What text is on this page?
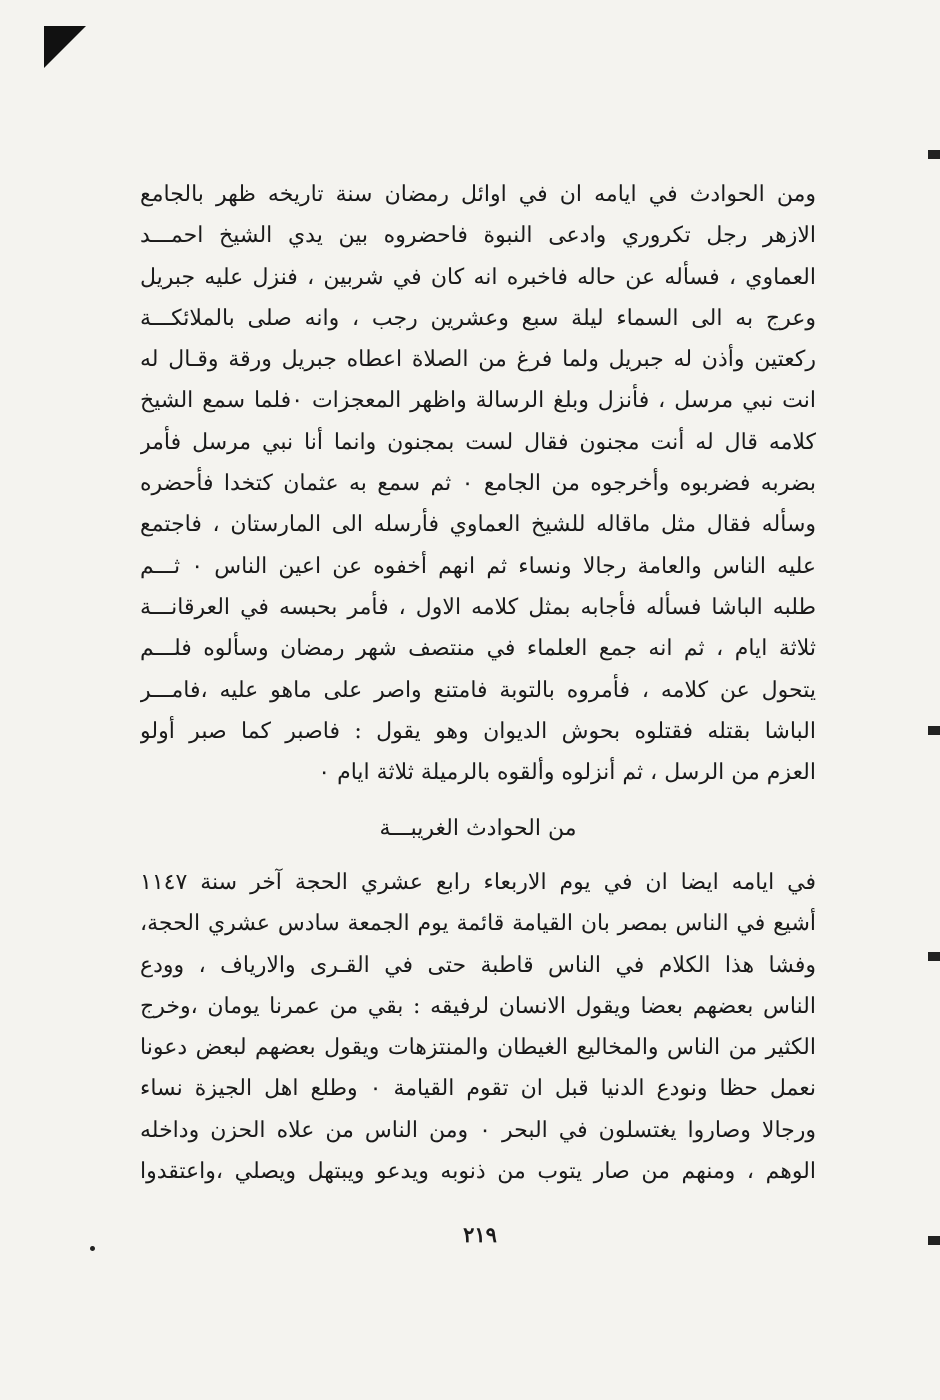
ومن الحوادث في ايامه ان في اوائل رمضان سنة تاريخه ظهر بالجامع
الازهر رجل تكروري وادعى النبوة فاحضروه بين يدي الشيخ احمـــد
العماوي ، فسأله عن حاله فاخبره انه كان في شربين ، فنزل عليه جبريل
وعرج به الى السماء ليلة سبع وعشرين رجب ، وانه صلى بالملائكـــة
ركعتين وأذن له جبريل ولما فرغ من الصلاة اعطاه جبريل ورقة وقـال له
انت نبي مرسل ، فأنزل وبلغ الرسالة واظهر المعجزات ٠فلما سمع الشيخ
كلامه قال له أنت مجنون فقال لست بمجنون وانما أنا نبي مرسل فأمر
بضربه فضربوه وأخرجوه من الجامع ٠ ثم سمع به عثمان كتخدا فأحضره
وسأله فقال مثل ماقاله للشيخ العماوي فأرسله الى المارستان ، فاجتمع
عليه الناس والعامة رجالا ونساء ثم انهم أخفوه عن اعين الناس ٠ ثـــم
طلبه الباشا فسأله فأجابه بمثل كلامه الاول ، فأمر بحبسه في العرقانـــة
ثلاثة ايام ، ثم انه جمع العلماء في منتصف شهر رمضان وسألوه فلـــم
يتحول عن كلامه ، فأمروه بالتوبة فامتنع واصر على ماهو عليه ،فامـــر
الباشا بقتله فقتلوه بحوش الديوان وهو يقول : فاصبر كما صبر أولو
العزم من الرسل ، ثم أنزلوه وألقوه بالرميلة ثلاثة ايام ٠
من الحوادث الغريبـــة
في ايامه ايضا ان في يوم الاربعاء رابع عشري الحجة آخر سنة ١١٤٧
أشيع في الناس بمصر بان القيامة قائمة يوم الجمعة سادس عشري الحجة،
وفشا هذا الكلام في الناس قاطبة حتى في القـرى والارياف ، وودع
الناس بعضهم بعضا ويقول الانسان لرفيقه : بقي من عمرنا يومان ،وخرج
الكثير من الناس والمخاليع الغيطان والمنتزهات ويقول بعضهم لبعض دعونا
نعمل حظا ونودع الدنيا قبل ان تقوم القيامة ٠ وطلع اهل الجيزة نساء
ورجالا وصاروا يغتسلون في البحر ٠ ومن الناس من علاه الحزن وداخله
الوهم ، ومنهم من صار يتوب من ذنوبه ويدعو ويبتهل ويصلي ،واعتقدوا
٢١٩
